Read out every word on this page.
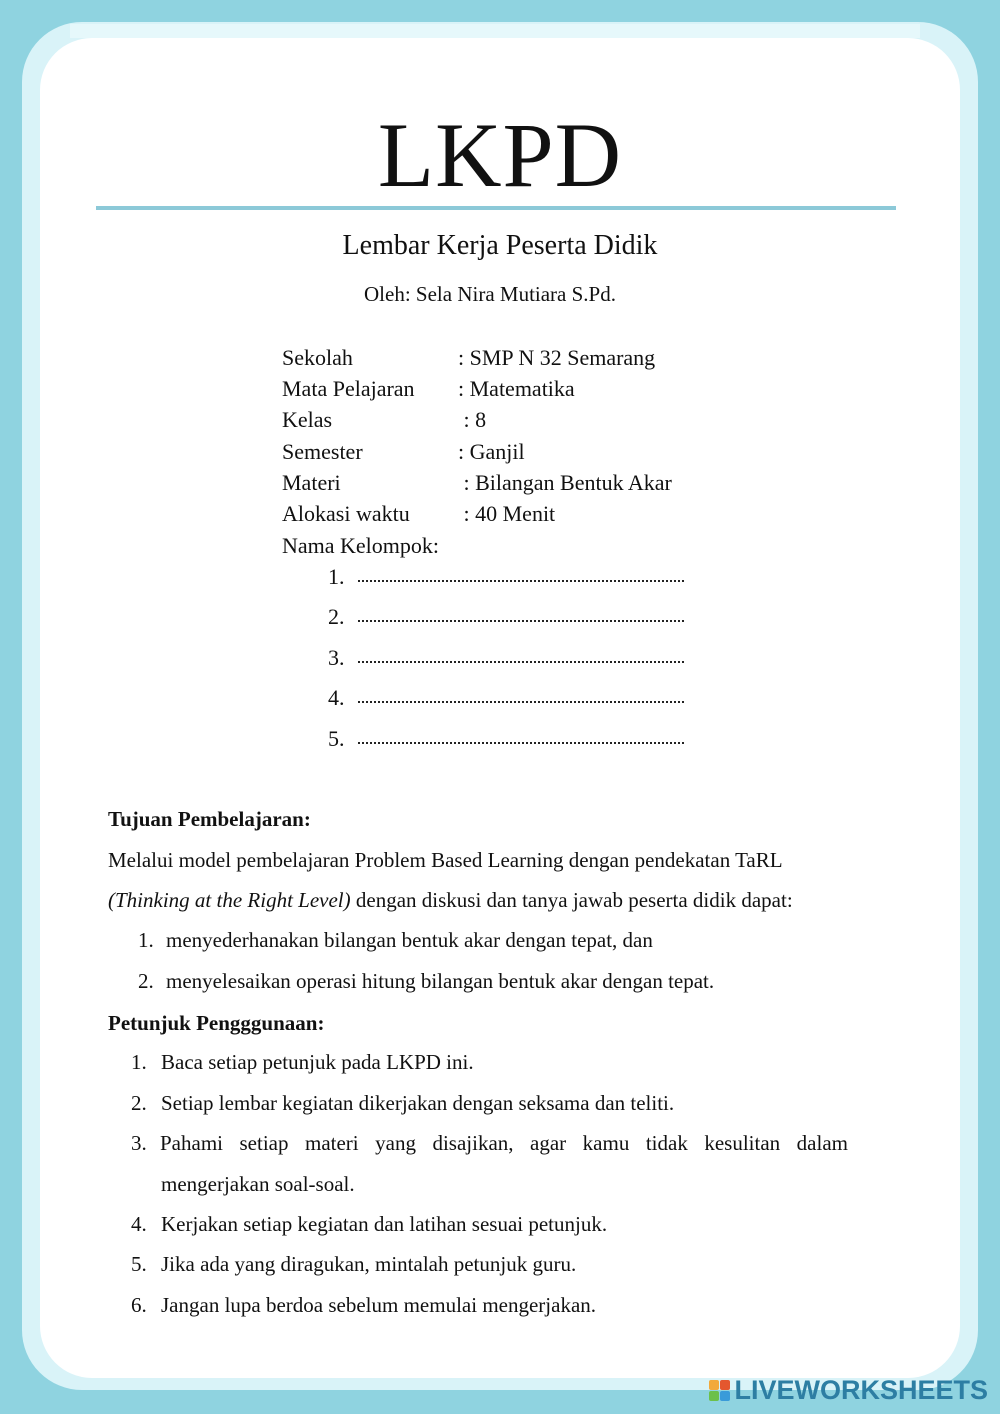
LKPD
Lembar Kerja Peserta Didik
Oleh: Sela Nira Mutiara S.Pd.
Sekolah	: SMP N 32 Semarang
Mata Pelajaran : Matematika
Kelas	: 8
Semester	: Ganjil
Materi	: Bilangan Bentuk Akar
Alokasi waktu : 40 Menit
Nama Kelompok:
1.
2.
3.
4.
5.
Tujuan Pembelajaran:
Melalui model pembelajaran Problem Based Learning dengan pendekatan TaRL
(Thinking at the Right Level) dengan diskusi dan tanya jawab peserta didik dapat:
1. menyederhanakan bilangan bentuk akar dengan tepat, dan
2. menyelesaikan operasi hitung bilangan bentuk akar dengan tepat.
Petunjuk Pengggunaan:
1. Baca setiap petunjuk pada LKPD ini.
2. Setiap lembar kegiatan dikerjakan dengan seksama dan teliti.
3. Pahami setiap materi yang disajikan, agar kamu tidak kesulitan dalam
mengerjakan soal-soal.
4. Kerjakan setiap kegiatan dan latihan sesuai petunjuk.
5. Jika ada yang diragukan, mintalah petunjuk guru.
6. Jangan lupa berdoa sebelum memulai mengerjakan.
LIVEWORKSHEETS
